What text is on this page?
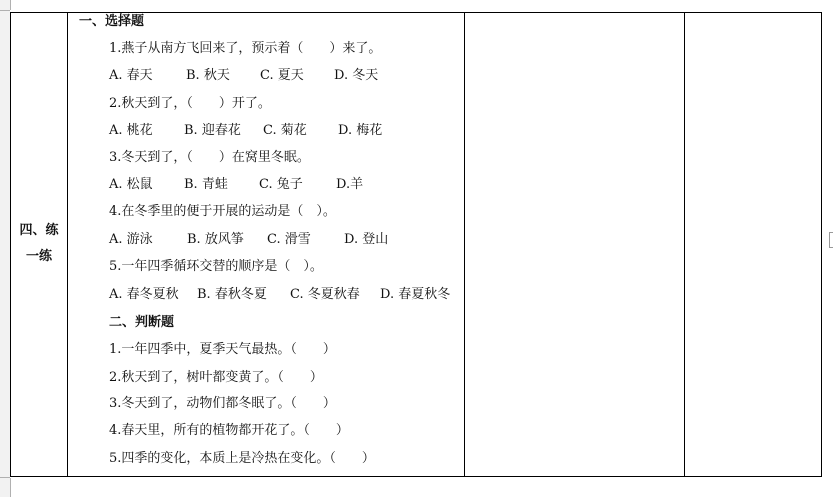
四、练
一练
一、选择题
1.燕子从南方飞回来了，预示着（　　）来了。
A. 春天	B. 秋天 C. 夏天 D. 冬天
2.秋天到了，（　　）开了。
A. 桃花 B. 迎春花 C. 菊花 D. 梅花
3.冬天到了，（　　）在窝里冬眠。
A. 松鼠 B. 青蛙 C. 兔子	D.羊
4.在冬季里的便于开展的运动是（　）。
A. 游泳	B. 放风筝 C. 滑雪	D. 登山
5.一年四季循环交替的顺序是（　）。
A. 春冬夏秋 B. 春秋冬夏 C. 冬夏秋春 D. 春夏秋冬
二、判断题
1.一年四季中，夏季天气最热。（　　）
2.秋天到了，树叶都变黄了。（　　）
3.冬天到了，动物们都冬眠了。（　　）
4.春天里，所有的植物都开花了。（　　）
5.四季的变化，本质上是冷热在变化。（　　）
